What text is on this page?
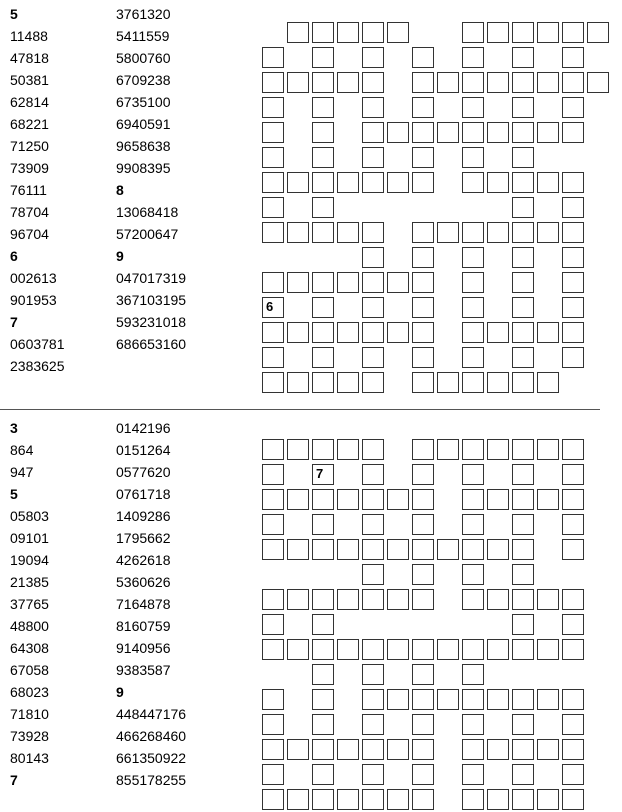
5
11488
47818
50381
62814
68221
71250
73909
76111
78704
96704
6
002613
901953
7
0603781
2383625
3761320
5411559
5800760
6709238
6735100
6940591
9658638
9908395
8
13068418
57200647
9
047017319
367103195
593231018
686653160
6
3
864
947
5
05803
09101
19094
21385
37765
48800
64308
67058
68023
71810
73928
80143
7
0142196
0151264
0577620
0761718
1409286
1795662
4262618
5360626
7164878
8160759
9140956
9383587
9
448447176
466268460
661350922
855178255
7
